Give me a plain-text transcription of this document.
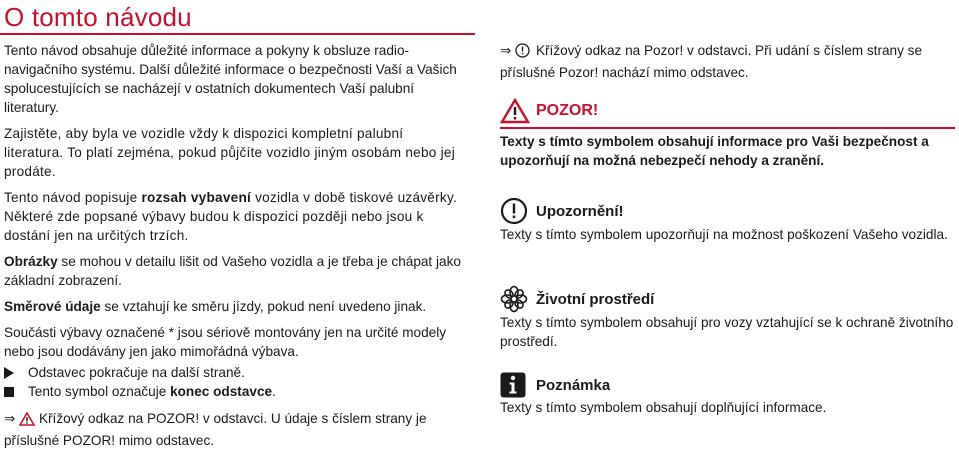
O tomto návodu

Tento návod obsahuje důležité informace a pokyny k obsluze radio-navigačního systému. Další důležité informace o bezpečnosti Vaší a Vašich spolucestujících se nacházejí v ostatních dokumentech Vaší palubní literatury.

Zajistěte, aby byla ve vozidle vždy k dispozici kompletní palubní literatura. To platí zejména, pokud půjčíte vozidlo jiným osobám nebo jej prodáte.

Tento návod popisuje rozsah vybavení vozidla v době tiskové uzávěrky. Některé zde popsané výbavy budou k dispozici později nebo jsou k dostání jen na určitých trzích.

Obrázky se mohou v detailu lišit od Vašeho vozidla a je třeba je chápat jako základní zobrazení.

Směrové údaje se vztahují ke směru jízdy, pokud není uvedeno jinak.

Součásti výbavy označené * jsou sériově montovány jen na určité modely nebo jsou dodávány jen jako mimořádná výbava.

Odstavec pokračuje na další straně.
Tento symbol označuje konec odstavce.

⇒  Křížový odkaz na POZOR! v odstavci. U údaje s číslem strany je příslušné POZOR! mimo odstavec.

⇒  Křížový odkaz na Pozor! v odstavci. Při udání s číslem strany se příslušné Pozor! nachází mimo odstavec.

POZOR!

Texty s tímto symbolem obsahují informace pro Vaši bezpečnost a upozorňují na možná nebezpečí nehody a zranění.

Upozornění!

Texty s tímto symbolem upozorňují na možnost poškození Vašeho vozidla.

Životní prostředí

Texty s tímto symbolem obsahují pro vozy vztahující se k ochraně životního prostředí.

Poznámka

Texty s tímto symbolem obsahují doplňující informace.
